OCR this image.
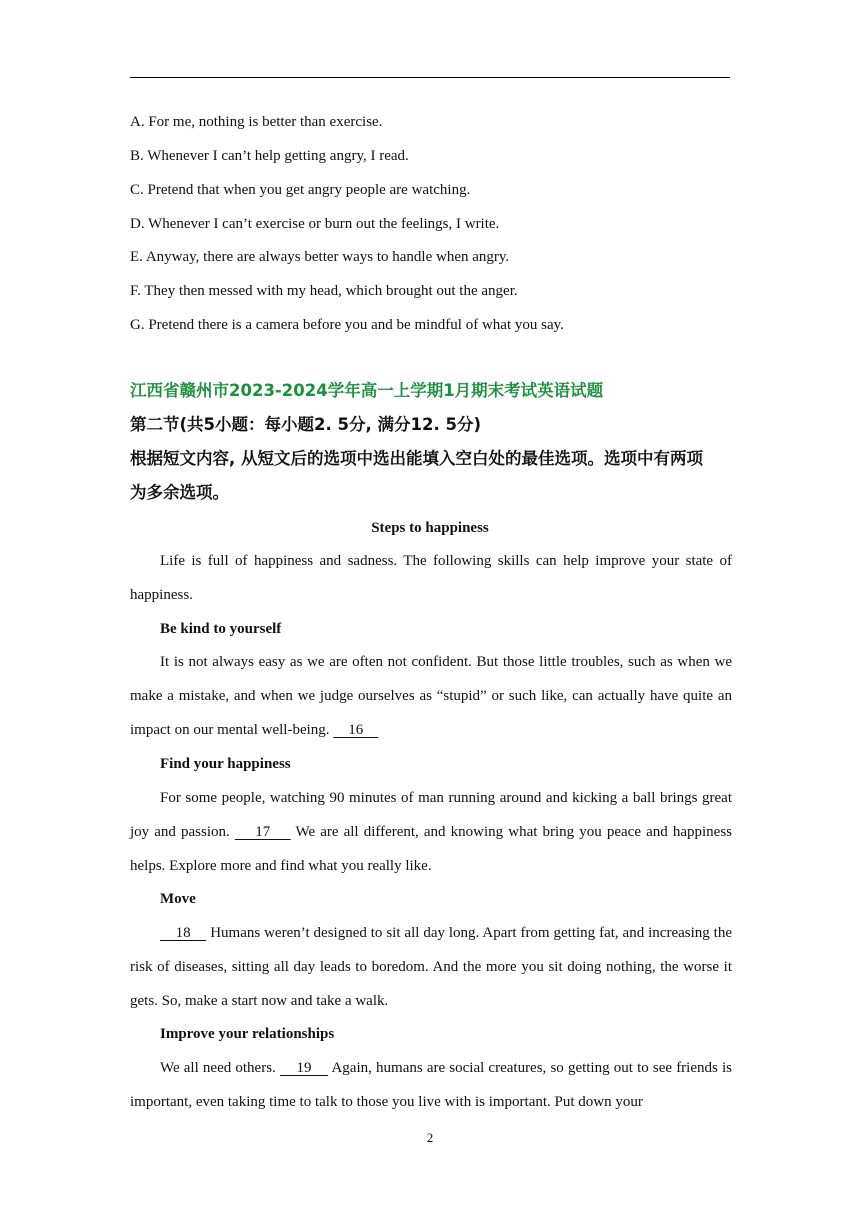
A. For me, nothing is better than exercise.
B. Whenever I can’t help getting angry, I read.
C. Pretend that when you get angry people are watching.
D. Whenever I can’t exercise or burn out the feelings, I write.
E. Anyway, there are always better ways to handle when angry.
F. They then messed with my head, which brought out the anger.
G. Pretend there is a camera before you and be mindful of what you say.
江西省赣州市2023-2024学年高一上学期1月期末考试英语试题
第二节(共5小题：每小题2. 5分, 满分12. 5分)
根据短文内容, 从短文后的选项中选出能填入空白处的最佳选项。选项中有两项
为多余选项。
Steps to happiness

Life is full of happiness and sadness. The following skills can help improve your state of happiness.

Be kind to yourself

It is not always easy as we are often not confident. But those little troubles, such as when we make a mistake, and when we judge ourselves as “stupid” or such like, can actually have quite an impact on our mental well-being.     16

Find your happiness

For some people, watching 90 minutes of man running around and kicking a ball brings great joy and passion.     17     We are all different, and knowing what bring you peace and happiness helps. Explore more and find what you really like.

Move

18     Humans weren’t designed to sit all day long. Apart from getting fat, and increasing the risk of diseases, sitting all day leads to boredom. And the more you sit doing nothing, the worse it gets. So, make a start now and take a walk.

Improve your relationships

We all need others.     19     Again, humans are social creatures, so getting out to see friends is important, even taking time to talk to those you live with is important. Put down your

2
